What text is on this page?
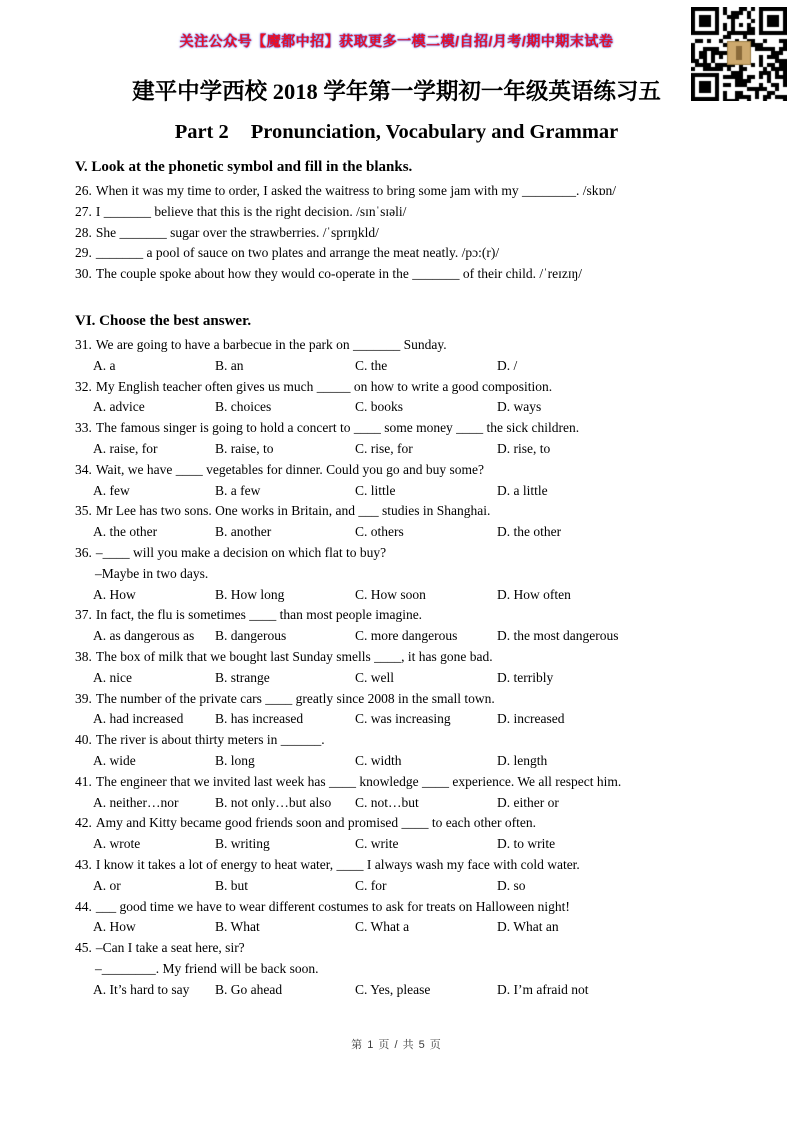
关注公众号【魔都中招】获取更多一模二模/自招/月考/期中期末试卷
建平中学西校 2018 学年第一学期初一年级英语练习五
Part 2 Pronunciation, Vocabulary and Grammar
V. Look at the phonetic symbol and fill in the blanks.
26. When it was my time to order, I asked the waitress to bring some jam with my ________. /skɒn/
27. I _______ believe that this is the right decision. /sɪnˈsɪəli/
28. She _______ sugar over the strawberries. /ˈsprɪŋkld/
29. _______ a pool of sauce on two plates and arrange the meat neatly. /pɔ:(r)/
30. The couple spoke about how they would co-operate in the _______ of their child. /ˈreɪzɪŋ/
VI. Choose the best answer.
31. We are going to have a barbecue in the park on _______ Sunday.
A. a	B. an	C. the	D. /
32. My English teacher often gives us much _____ on how to write a good composition.
A. advice	B. choices	C. books	D. ways
33. The famous singer is going to hold a concert to ____ some money ____ the sick children.
A. raise, for	B. raise, to	C. rise, for	D. rise, to
34. Wait, we have ____ vegetables for dinner. Could you go and buy some?
A. few	B. a few	C. little	D. a little
35. Mr Lee has two sons. One works in Britain, and ___ studies in Shanghai.
A. the other	B. another	C. others	D. the other
36. –____ will you make a decision on which flat to buy?
–Maybe in two days.
A. How	B. How long	C. How soon	D. How often
37. In fact, the flu is sometimes ____ than most people imagine.
A. as dangerous as	B. dangerous	C. more dangerous	D. the most dangerous
38. The box of milk that we bought last Sunday smells ____, it has gone bad.
A. nice	B. strange	C. well	D. terribly
39. The number of the private cars ____ greatly since 2008 in the small town.
A. had increased	B. has increased	C. was increasing	D. increased
40. The river is about thirty meters in ______.
A. wide	B. long	C. width	D. length
41. The engineer that we invited last week has ____ knowledge ____ experience. We all respect him.
A. neither…nor	B. not only…but also	C. not…but	D. either or
42. Amy and Kitty became good friends soon and promised ____ to each other often.
A. wrote	B. writing	C. write	D. to write
43. I know it takes a lot of energy to heat water, ____ I always wash my face with cold water.
A. or	B. but	C. for	D. so
44. ___ good time we have to wear different costumes to ask for treats on Halloween night!
A. How	B. What	C. What a	D. What an
45. –Can I take a seat here, sir?
–________. My friend will be back soon.
A. It’s hard to say	B. Go ahead	C. Yes, please	D. I’m afraid not
第 1 页 / 共 5 页
